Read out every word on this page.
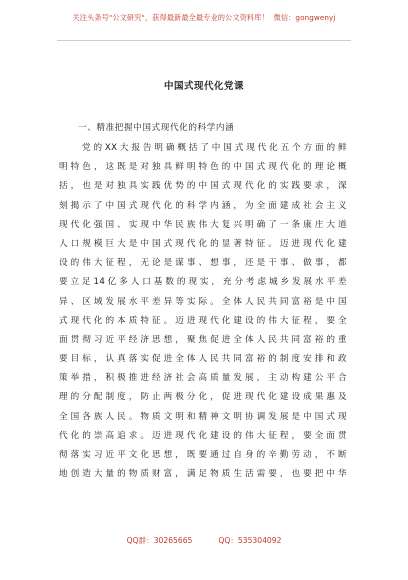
关注头条号"公文研究"，获得最新最全最专业的公文资料库！ 微信：gongwenyj
中国式现代化党课
一、精准把握中国式现代化的科学内涵
　　党的XX大报告明确概括了中国式现代化五个方面的鲜
明特色，这既是对独具鲜明特色的中国式现代化的理论概
括，也是对独具实践优势的中国式现代化的实践要求，深
刻揭示了中国式现代化的科学内涵，为全面建成社会主义
现代化强国、实现中华民族伟大复兴明确了一条康庄大道
人口规模巨大是中国式现代化的显著特征。迈进现代化建
设的伟大征程，无论是谋事、想事，还是干事、做事，都
要立足14亿多人口基数的现实，充分考虑城乡发展水平差
异、区域发展水平差异等实际。全体人民共同富裕是中国
式现代化的本质特征。迈进现代化建设的伟大征程，要全
面贯彻习近平经济思想，聚焦促进全体人民共同富裕的重
要目标，认真落实促进全体人民共同富裕的制度安排和政
策举措，积极推进经济社会高质量发展，主动构建公平合
理的分配制度，防止两极分化，促进现代化建设成果惠及
全国各族人民。物质文明和精神文明协调发展是中国式现
代化的崇高追求。迈进现代化建设的伟大征程，要全面贯
彻落实习近平文化思想，既要通过自身的辛勤劳动，不断
地创造大量的物质财富，满足物质生活需要，也要把中华
QQ群：30265665	QQ：535304092
